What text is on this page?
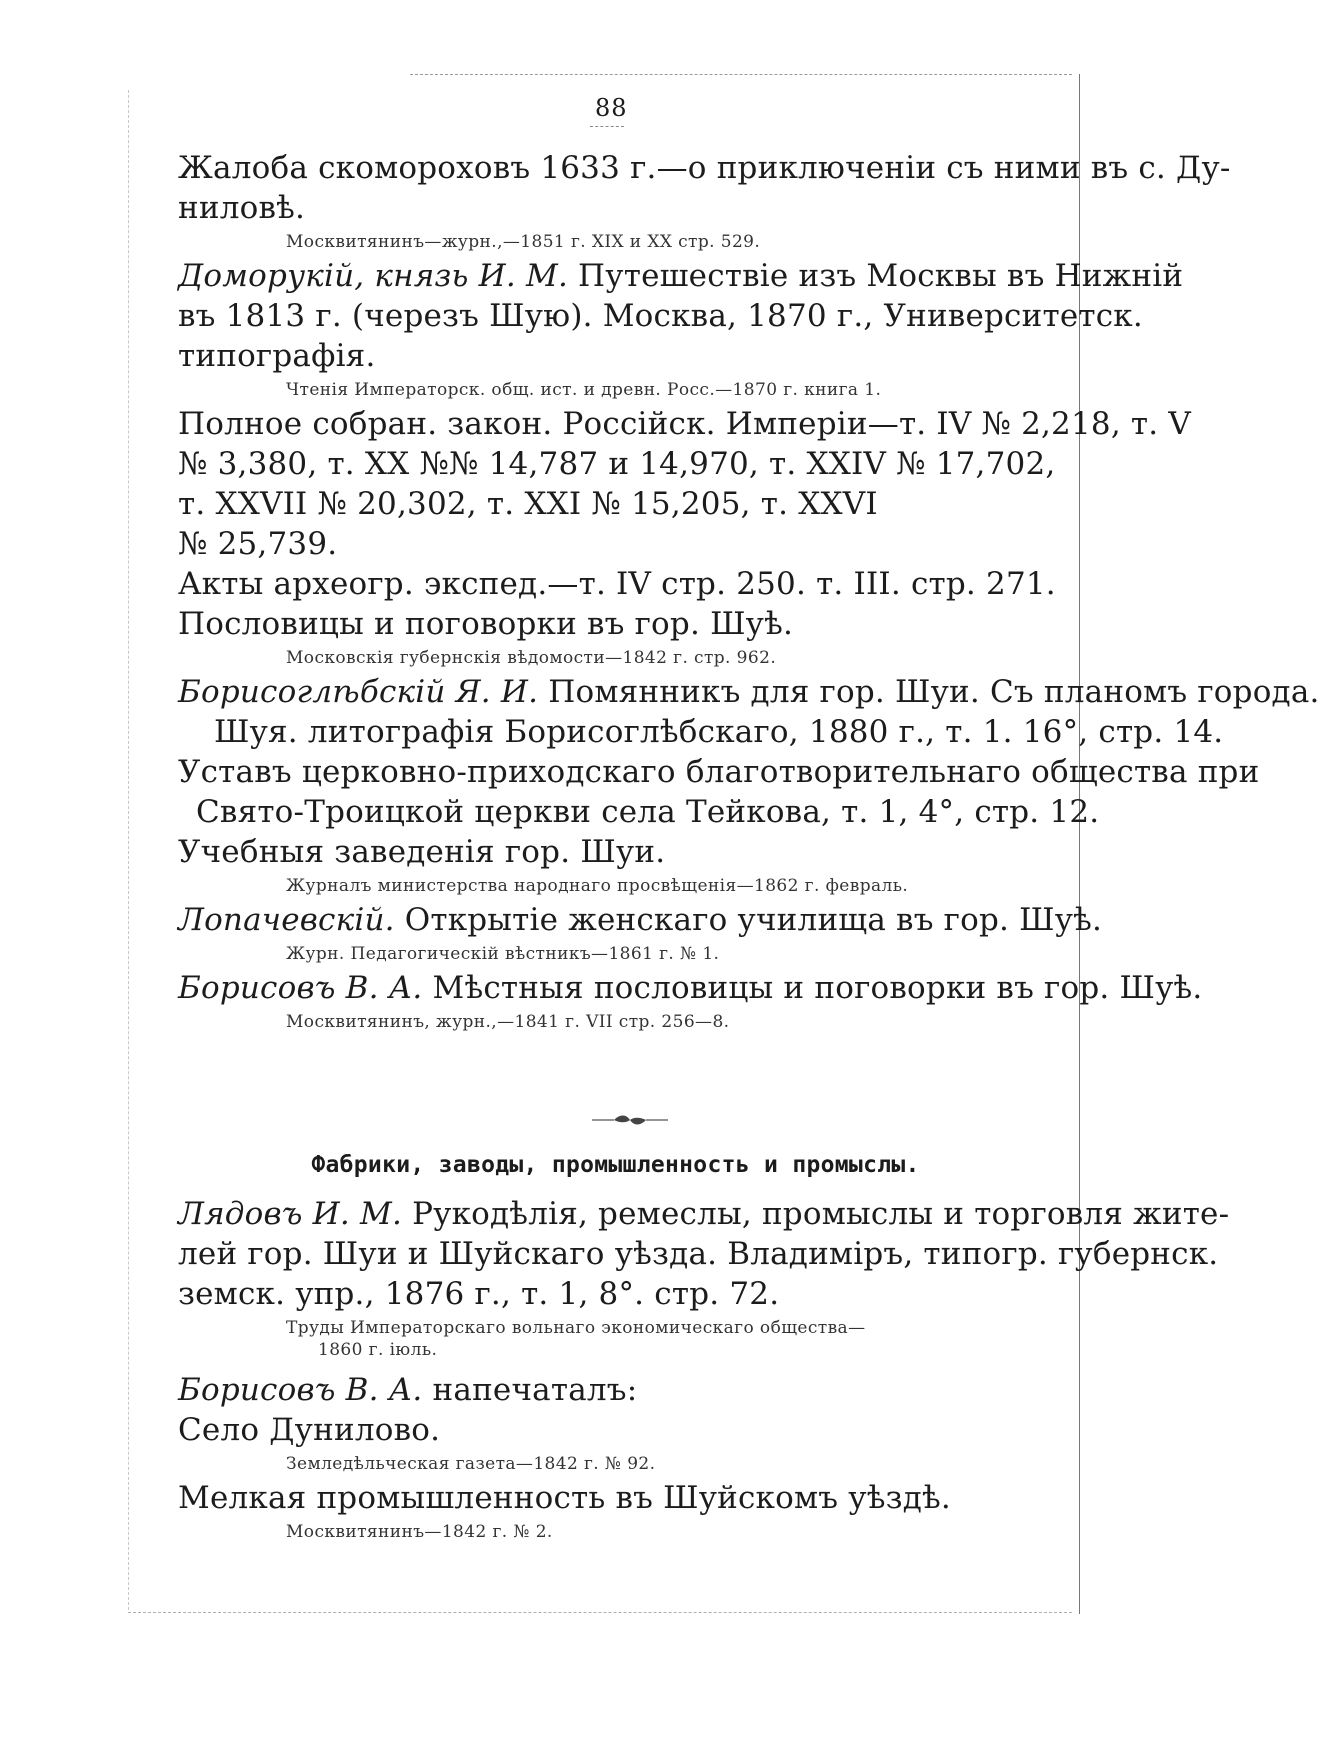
88
Жалоба скомороховъ 1633 г.—о приключеніи съ ними въ с. Ду-
ниловѣ.
Москвитянинъ—журн.,—1851 г. XIX и XX стр. 529.
Доморукій, князь И. М. Путешествіе изъ Москвы въ Нижній
въ 1813 г. (черезъ Шую). Москва, 1870 г., Университетск.
типографія.
Чтенія Императорск. общ. ист. и древн. Росс.—1870 г. книга 1.
Полное собран. закон. Россійск. Имперіи—т. IV № 2,218, т. V
№ 3,380, т. XX №№ 14,787 и 14,970, т. XXIV № 17,702,
т. XXVII № 20,302, т. XXI № 15,205, т. XXVI
№ 25,739.
Акты археогр. экспед.—т. IV стр. 250. т. III. стр. 271.
Пословицы и поговорки въ гор. Шуѣ.
Московскія губернскія вѣдомости—1842 г. стр. 962.
Борисоглѣбскій Я. И. Помянникъ для гор. Шуи. Съ планомъ города.
Шуя. литографія Борисоглѣбскаго, 1880 г., т. 1. 16°, стр. 14.
Уставъ церковно-приходскаго благотворительнаго общества при
Свято-Троицкой церкви села Тейкова, т. 1, 4°, стр. 12.
Учебныя заведенія гор. Шуи.
Журналъ министерства народнаго просвѣщенія—1862 г. февраль.
Лопачевскій. Открытіе женскаго училища въ гор. Шуѣ.
Журн. Педагогическій вѣстникъ—1861 г. № 1.
Борисовъ В. А. Мѣстныя пословицы и поговорки въ гор. Шуѣ.
Москвитянинъ, журн.,—1841 г. VII стр. 256—8.
Фабрики, заводы, промышленность и промыслы.
Лядовъ И. М. Рукодѣлія, ремеслы, промыслы и торговля жите-
лей гор. Шуи и Шуйскаго уѣзда. Владиміръ, типогр. губернск.
земск. упр., 1876 г., т. 1, 8°. стр. 72.
Труды Императорскаго вольнаго экономическаго общества—
1860 г. іюль.
Борисовъ В. А. напечаталъ:
Село Дунилово.
Земледѣльческая газета—1842 г. № 92.
Мелкая промышленность въ Шуйскомъ уѣздѣ.
Москвитянинъ—1842 г. № 2.
